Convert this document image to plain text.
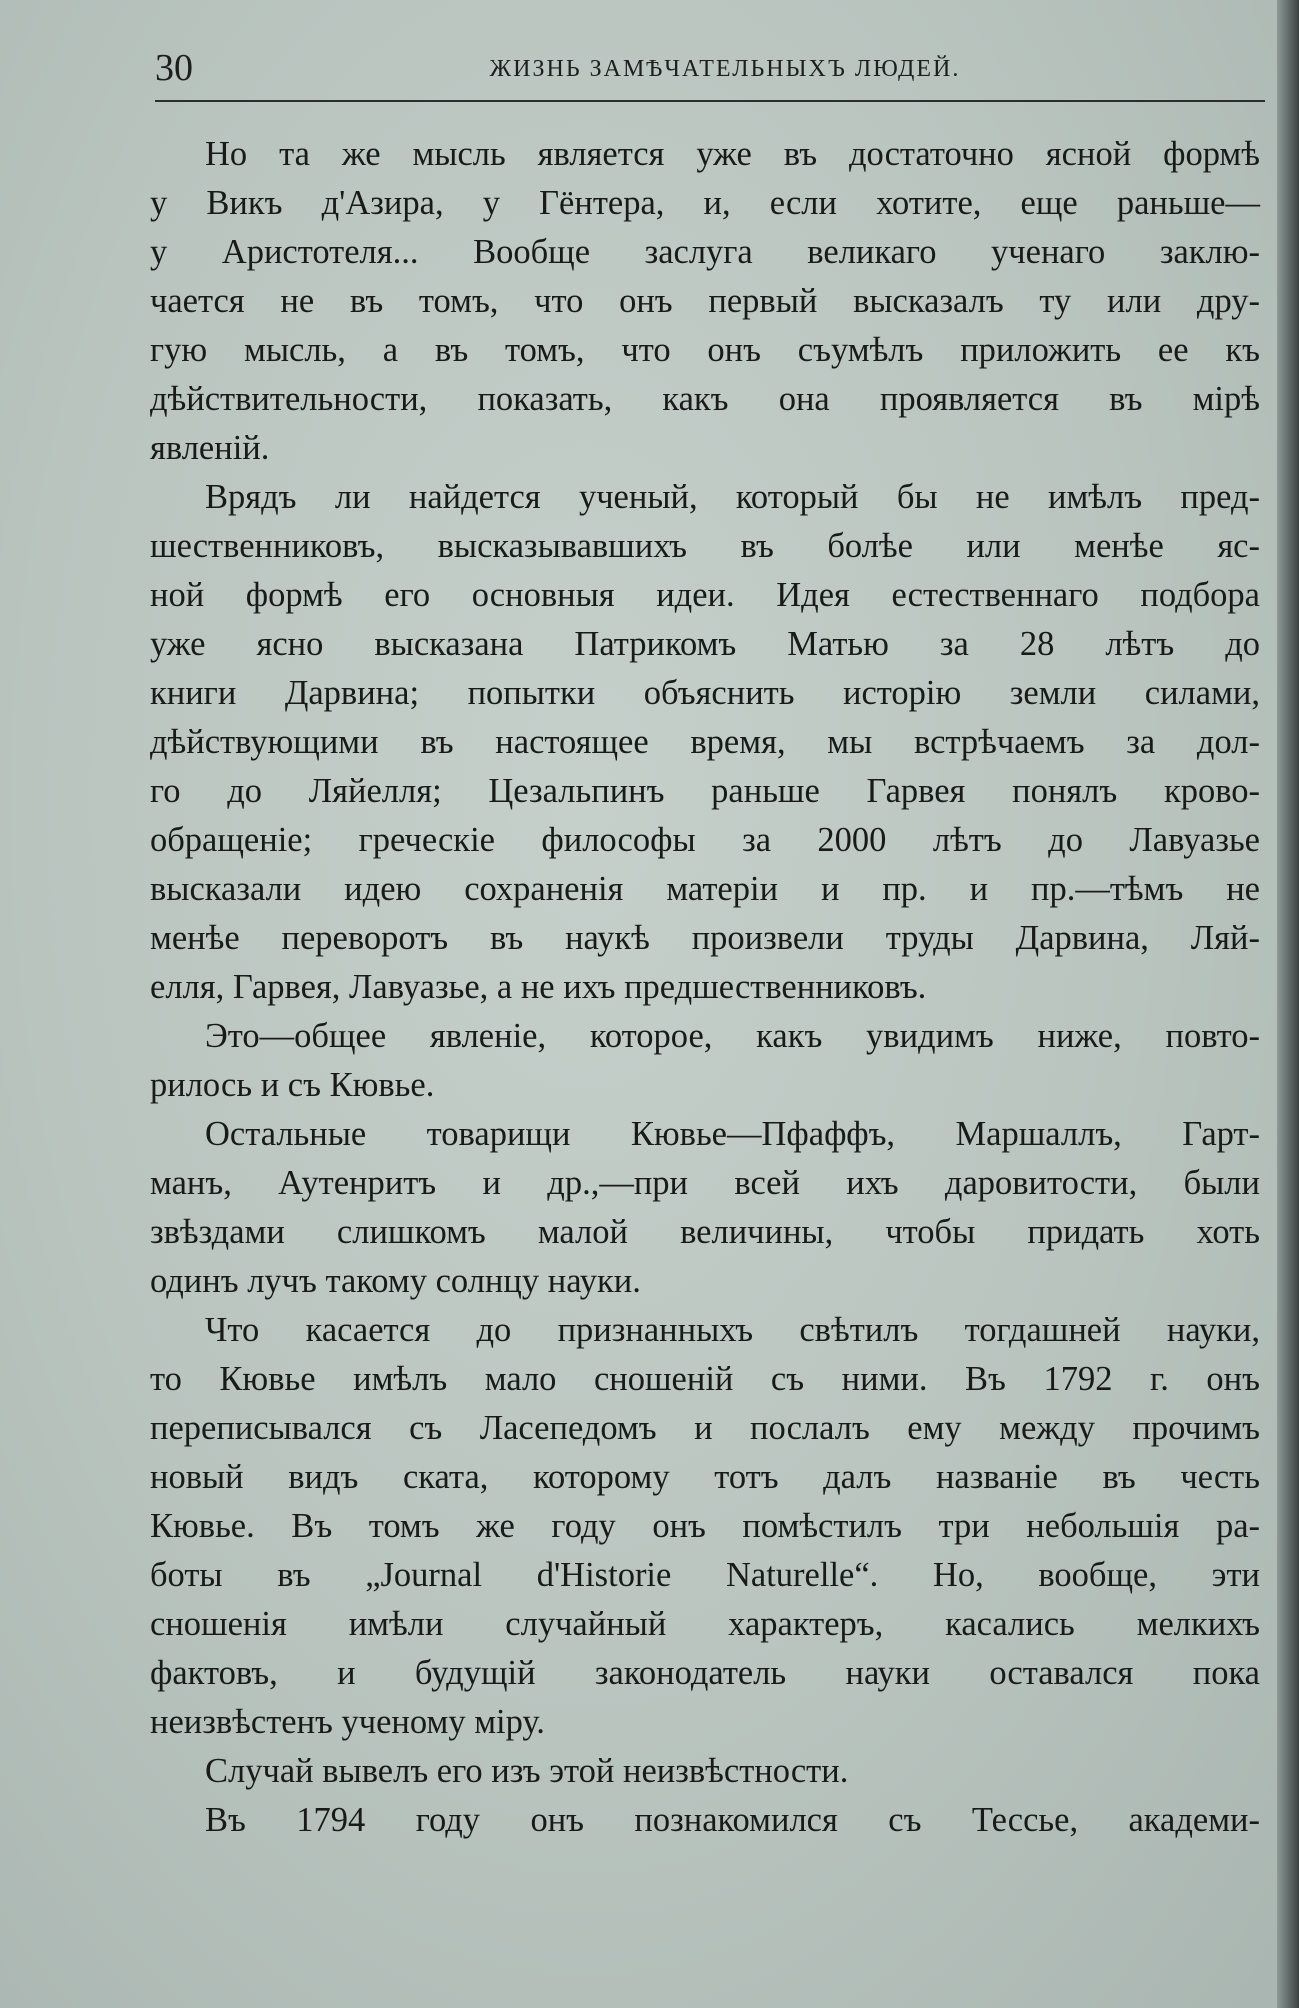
30	ЖИЗНЬ ЗАМѢЧАТЕЛЬНЫХЪ ЛЮДЕЙ.
Но та же мысль является уже въ достаточно ясной формѣ
у Викъ д'Азира, у Гёнтера, и, если хотите, еще раньше—
у Аристотеля... Вообще заслуга великаго ученаго заклю-
чается не въ томъ, что онъ первый высказалъ ту или дру-
гую мысль, а въ томъ, что онъ съумѣлъ приложить ее къ
дѣйствительности, показать, какъ она проявляется въ мірѣ
явленій.
Врядъ ли найдется ученый, который бы не имѣлъ пред-
шественниковъ, высказывавшихъ въ болѣе или менѣе яс-
ной формѣ его основныя идеи. Идея естественнаго подбора
уже ясно высказана Патрикомъ Матью за 28 лѣтъ до
книги Дарвина; попытки объяснить исторію земли силами,
дѣйствующими въ настоящее время, мы встрѣчаемъ за дол-
го до Ляйелля; Цезальпинъ раньше Гарвея понялъ крово-
обращеніе; греческіе философы за 2000 лѣтъ до Лавуазье
высказали идею сохраненія матеріи и пр. и пр.—тѣмъ не
менѣе переворотъ въ наукѣ произвели труды Дарвина, Ляй-
елля, Гарвея, Лавуазье, а не ихъ предшественниковъ.
Это—общее явленіе, которое, какъ увидимъ ниже, повто-
рилось и съ Кювье.
Остальные товарищи Кювье—Пфаффъ, Маршаллъ, Гарт-
манъ, Аутенритъ и др.,—при всей ихъ даровитости, были
звѣздами слишкомъ малой величины, чтобы придать хоть
одинъ лучъ такому солнцу науки.
Что касается до признанныхъ свѣтилъ тогдашней науки,
то Кювье имѣлъ мало сношеній съ ними. Въ 1792 г. онъ
переписывался съ Ласепедомъ и послалъ ему между прочимъ
новый видъ ската, которому тотъ далъ названіе въ честь
Кювье. Въ томъ же году онъ помѣстилъ три небольшія ра-
боты въ „Journal d'Historie Naturelle“. Но, вообще, эти
сношенія имѣли случайный характеръ, касались мелкихъ
фактовъ, и будущій законодатель науки оставался пока
неизвѣстенъ ученому міру.
Случай вывелъ его изъ этой неизвѣстности.
Въ 1794 году онъ познакомился съ Тессье, академи-
